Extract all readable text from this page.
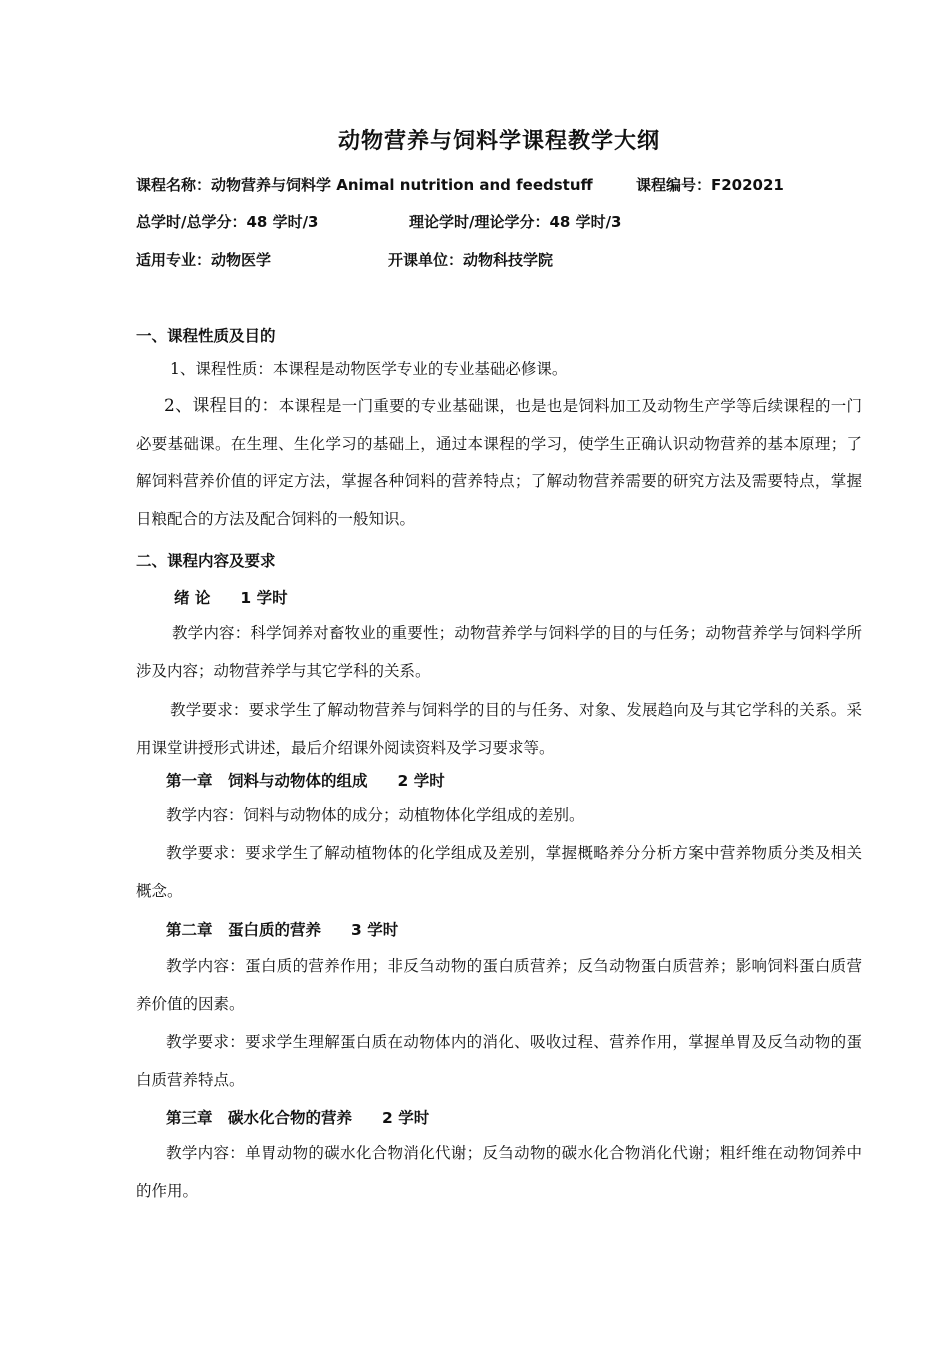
动物营养与饲料学课程教学大纲
课程名称：动物营养与饲料学 Animal nutrition and feedstuff	课程编号：F202021
总学时/总学分：48 学时/3	理论学时/理论学分：48 学时/3
适用专业：动物医学	开课单位：动物科技学院
一、课程性质及目的
1、课程性质：本课程是动物医学专业的专业基础必修课。
2、课程目的：本课程是一门重要的专业基础课，也是也是饲料加工及动物生产学等后续课程的一门必要基础课。在生理、生化学习的基础上，通过本课程的学习，使学生正确认识动物营养的基本原理；了解饲料营养价值的评定方法，掌握各种饲料的营养特点；了解动物营养需要的研究方法及需要特点，掌握日粮配合的方法及配合饲料的一般知识。
二、课程内容及要求
绪 论 1 学时
教学内容：科学饲养对畜牧业的重要性；动物营养学与饲料学的目的与任务；动物营养学与饲料学所涉及内容；动物营养学与其它学科的关系。
教学要求：要求学生了解动物营养与饲料学的目的与任务、对象、发展趋向及与其它学科的关系。采用课堂讲授形式讲述，最后介绍课外阅读资料及学习要求等。
第一章　饲料与动物体的组成 2 学时
教学内容：饲料与动物体的成分；动植物体化学组成的差别。
教学要求：要求学生了解动植物体的化学组成及差别，掌握概略养分分析方案中营养物质分类及相关概念。
第二章　蛋白质的营养 3 学时
教学内容：蛋白质的营养作用；非反刍动物的蛋白质营养；反刍动物蛋白质营养；影响饲料蛋白质营养价值的因素。
教学要求：要求学生理解蛋白质在动物体内的消化、吸收过程、营养作用，掌握单胃及反刍动物的蛋白质营养特点。
第三章　碳水化合物的营养 2 学时
教学内容：单胃动物的碳水化合物消化代谢；反刍动物的碳水化合物消化代谢；粗纤维在动物饲养中的作用。
